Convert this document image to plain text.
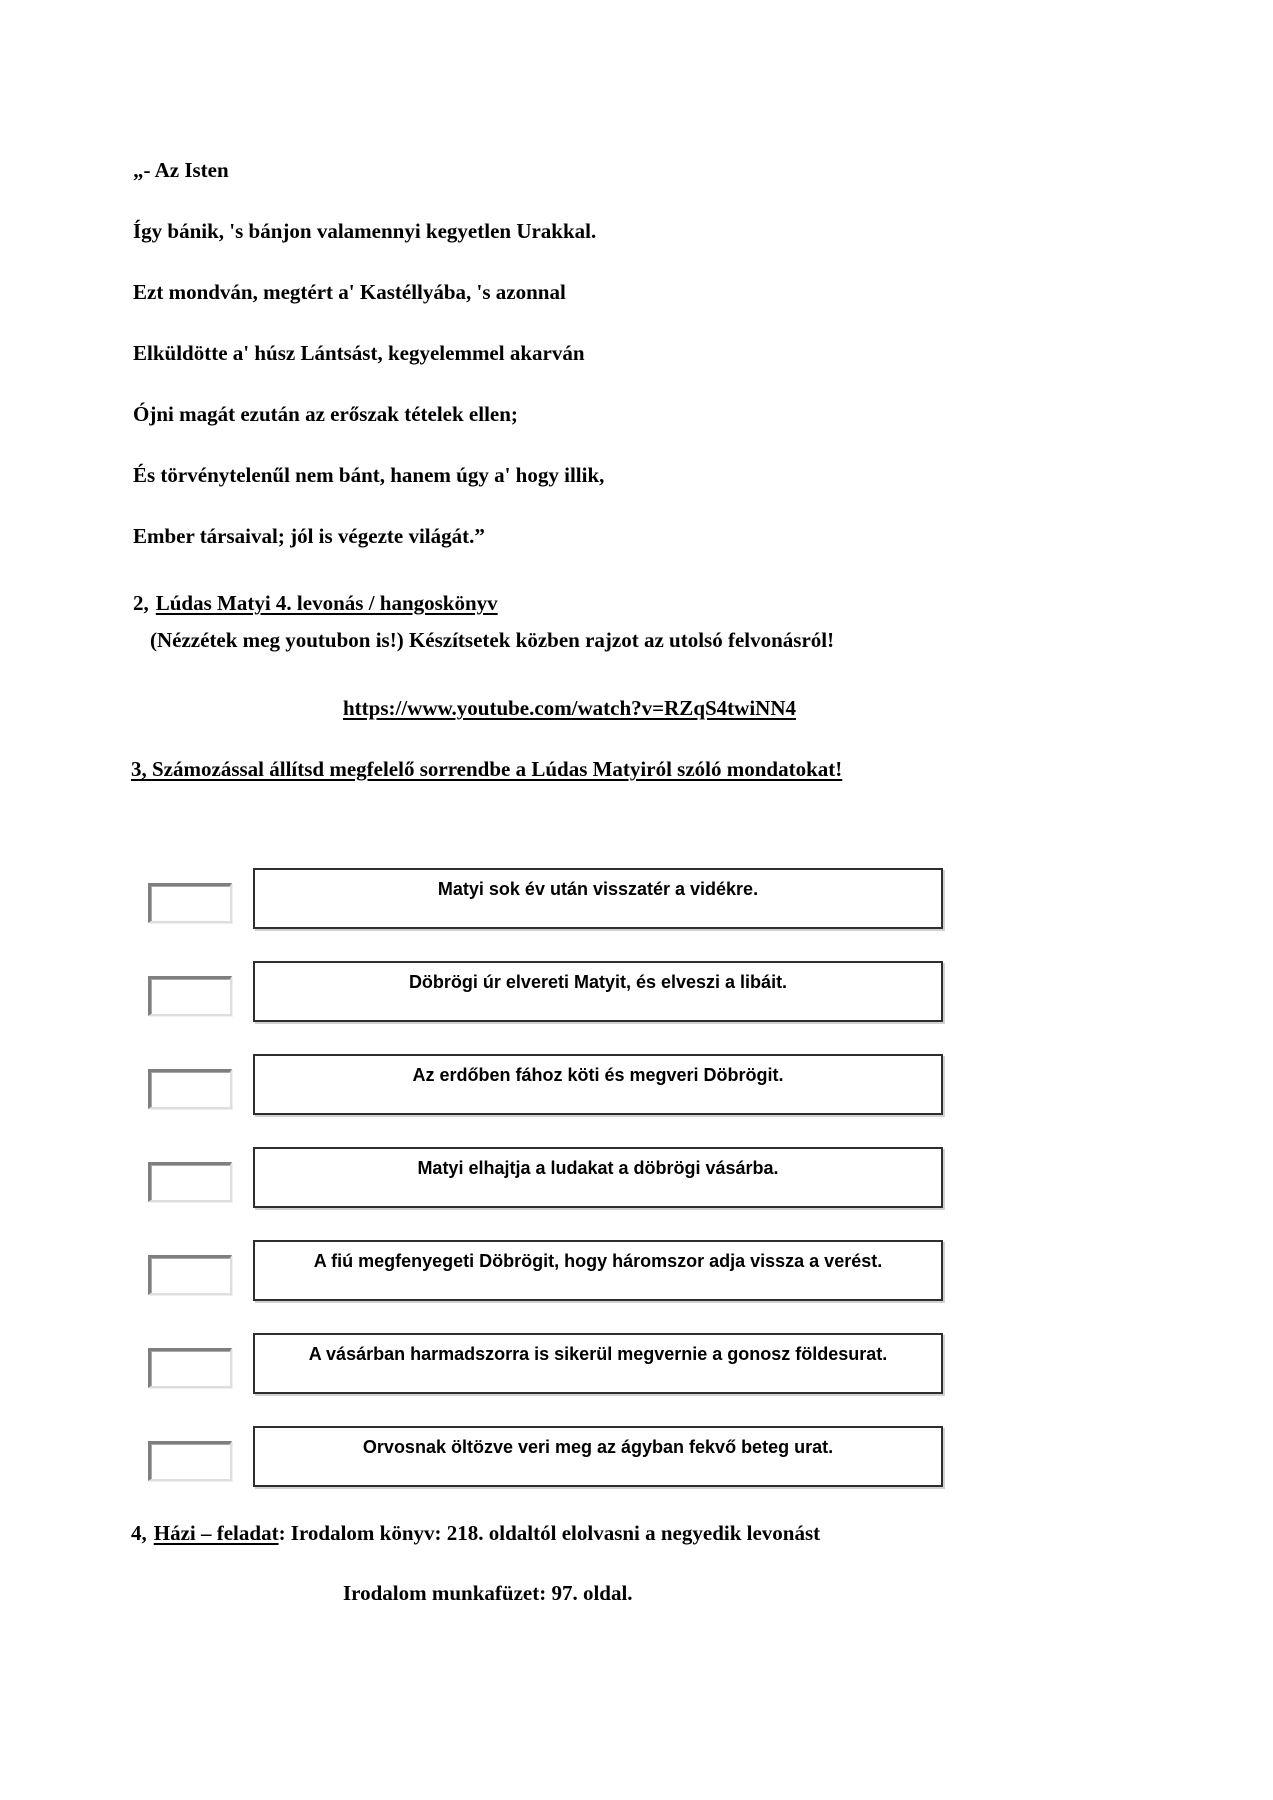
„- Az Isten

Így bánik, 's bánjon valamennyi kegyetlen Urakkal.

Ezt mondván, megtért a' Kastéllyába, 's azonnal

Elküldötte a' húsz Lántsást, kegyelemmel akarván

Ójni magát ezután az erőszak tételek ellen;

És törvénytelenűl nem bánt, hanem úgy a' hogy illik,

Ember társaival; jól is végezte világát.”

2, Lúdas Matyi 4. levonás / hangoskönyv
(Nézzétek meg youtubon is!) Készítsetek közben rajzot az utolsó felvonásról!
https://www.youtube.com/watch?v=RZqS4twiNN4
3, Számozással állítsd megfelelő sorrendbe a Lúdas Matyiról szóló mondatokat!
Matyi sok év után visszatér a vidékre.
Döbrögi úr elvereti Matyit, és elveszi a libáit.
Az erdőben fához köti és megveri Döbrögit.
Matyi elhajtja a ludakat a döbrögi vásárba.
A fiú megfenyegeti Döbrögit, hogy háromszor adja vissza a verést.
A vásárban harmadszorra is sikerül megvernie a gonosz földesurat.
Orvosnak öltözve veri meg az ágyban fekvő beteg urat.
4, Házi – feladat: Irodalom könyv: 218. oldaltól elolvasni a negyedik levonást
Irodalom munkafüzet: 97. oldal.
